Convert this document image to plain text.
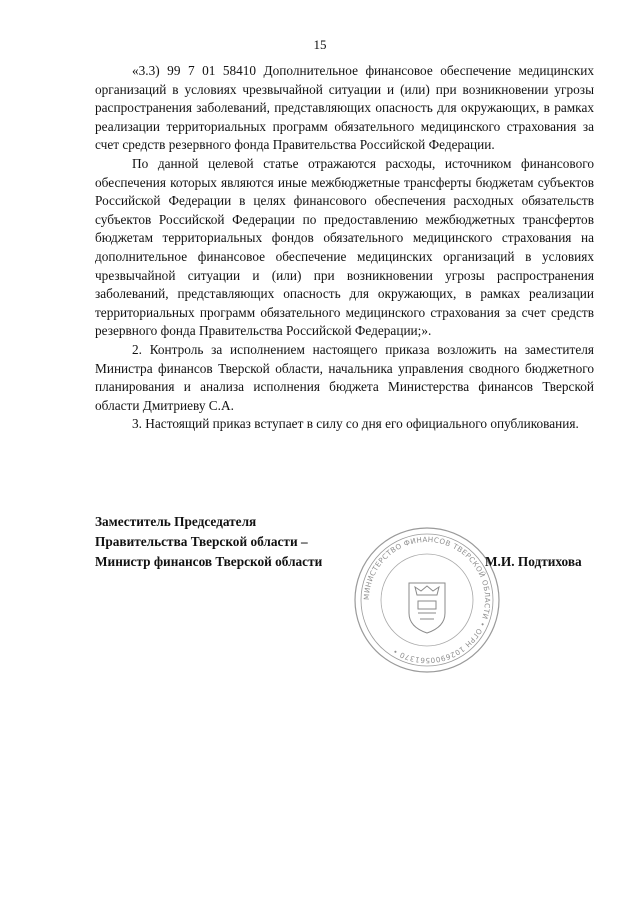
15

«3.3) 99 7 01 58410 Дополнительное финансовое обеспечение медицинских организаций в условиях чрезвычайной ситуации и (или) при возникновении угрозы распространения заболеваний, представляющих опасность для окружающих, в рамках реализации территориальных программ обязательного медицинского страхования за счет средств резервного фонда Правительства Российской Федерации.

По данной целевой статье отражаются расходы, источником финансового обеспечения которых являются иные межбюджетные трансферты бюджетам субъектов Российской Федерации в целях финансового обеспечения расходных обязательств субъектов Российской Федерации по предоставлению межбюджетных трансфертов бюджетам территориальных фондов обязательного медицинского страхования на дополнительное финансовое обеспечение медицинских организаций в условиях чрезвычайной ситуации и (или) при возникновении угрозы распространения заболеваний, представляющих опасность для окружающих, в рамках реализации территориальных программ обязательного медицинского страхования за счет средств резервного фонда Правительства Российской Федерации;».

2. Контроль за исполнением настоящего приказа возложить на заместителя Министра финансов Тверской области, начальника управления сводного бюджетного планирования и анализа исполнения бюджета Министерства финансов Тверской области Дмитриеву С.А.

3. Настоящий приказ вступает в силу со дня его официального опубликования.

МИНИСТЕРСТВО ФИНАНСОВ ТВЕРСКОЙ ОБЛАСТИ • ОГРН 1026900561370 •
Заместитель Председателя
Правительства Тверской области –
Министр финансов Тверской области	М.И. Подтихова
